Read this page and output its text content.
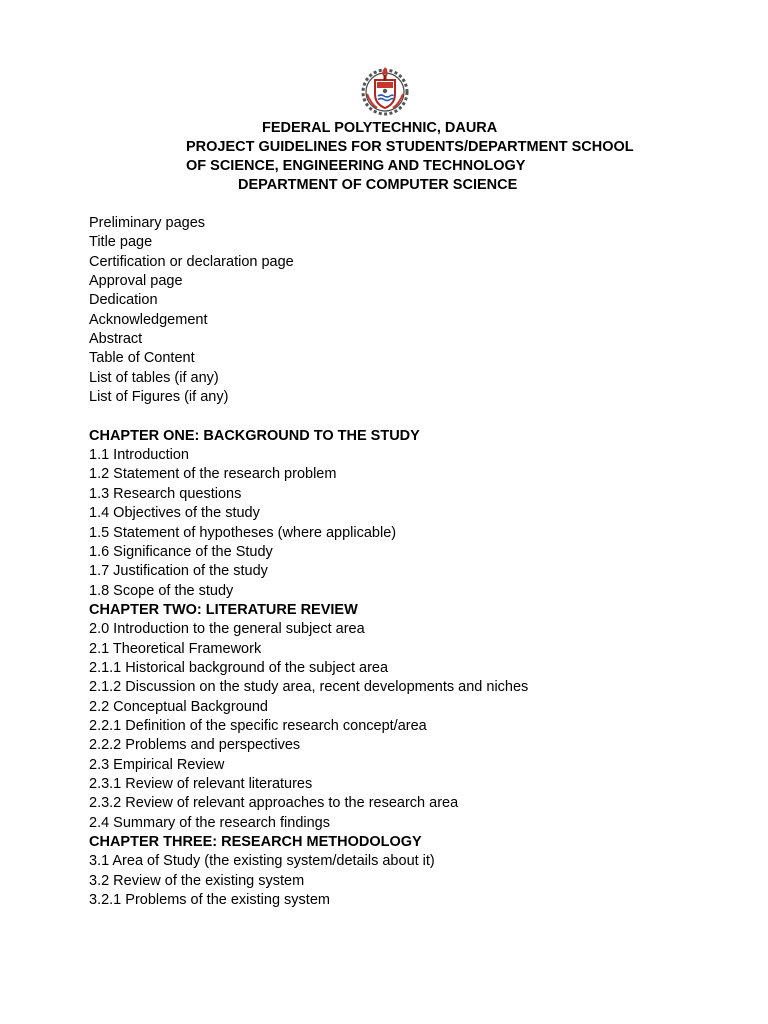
FEDERAL POLYTECHNIC, DAURA
PROJECT GUIDELINES FOR STUDENTS/DEPARTMENT SCHOOL
OF SCIENCE, ENGINEERING AND TECHNOLOGY
DEPARTMENT OF COMPUTER SCIENCE
Preliminary pages
Title page
Certification or declaration page
Approval page
Dedication
Acknowledgement
Abstract
Table of Content
List of tables (if any)
List of Figures (if any)
CHAPTER ONE: BACKGROUND TO THE STUDY
1.1 Introduction
1.2 Statement of the research problem
1.3 Research questions
1.4 Objectives of the study
1.5 Statement of hypotheses (where applicable)
1.6 Significance of the Study
1.7 Justification of the study
1.8 Scope of the study
CHAPTER TWO: LITERATURE REVIEW
2.0 Introduction to the general subject area
2.1 Theoretical Framework
2.1.1 Historical background of the subject area
2.1.2 Discussion on the study area, recent developments and niches
2.2 Conceptual Background
2.2.1 Definition of the specific research concept/area
2.2.2 Problems and perspectives
2.3 Empirical Review
2.3.1 Review of relevant literatures
2.3.2 Review of relevant approaches to the research area
2.4 Summary of the research findings
CHAPTER THREE: RESEARCH METHODOLOGY
3.1 Area of Study (the existing system/details about it)
3.2 Review of the existing system
3.2.1 Problems of the existing system
